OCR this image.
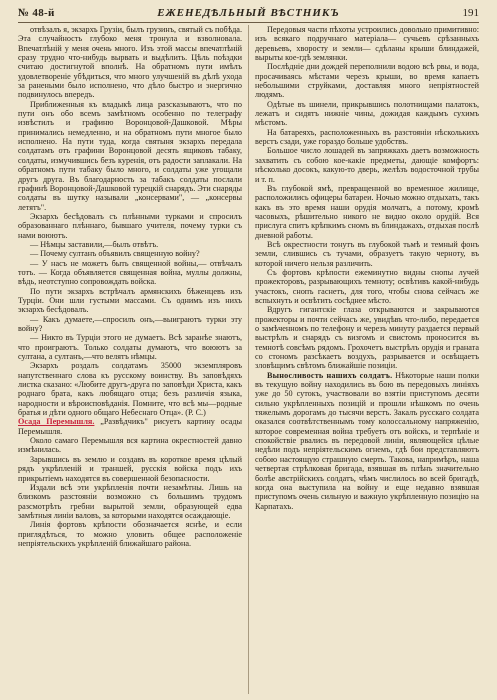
№ 48-й	ЕЖЕНЕДѢЛЬНЫЙ ВѢСТНИКЪ	191

отвѣзалъ я, экзархъ Грузіи, былъ грузинъ, святый съ побѣда. Эта случайность глубоко меня тронула и взволновала. Впечатлѣній у меня очень много. Изъ этой массы впечатлѣній сразу трудно что-нибудь вырвать и выдѣлить. Цѣль поѣздки считаю достигнутой вполнѣ. На обратномъ пути имѣлъ удовлетвореніе убѣдиться, что много улучшеній въ дѣлѣ ухода за ранеными было исполнено, что дѣло быстро и энергично подвинулось впередъ.

Приближенныя къ владыкѣ лица разсказываютъ, что по пути онъ обо всемъ замѣтномъ особенно по телеграфу извѣстилъ и графиню Воронцовой-Дашковой. Мѣры принимались немедленно, и на обратномъ пути многое было исполнено. На пути туда, когда святыня экзархъ передала солдатамъ отъ графини Воронцовой десять ящиковъ табаку, солдаты, измучившись безъ куренія, отъ радости заплакали. На обратномъ пути табаку было много, и солдаты уже угощали другъ друга. Въ благодарность за табакъ солдаты послали графинѣ Воронцовой-Дашковой турецкій снарядъ. Эти снаряды солдаты въ шутку называли „консервами", — „консервы летятъ".

Экзархъ бесѣдовалъ съ плѣнными турками и спросилъ образованнаго плѣннаго, бывшаго учителя, почему турки съ нами воюютъ.

— Нѣмцы заставили,—былъ отвѣтъ.

— Почему султанъ объявилъ священную войну?

— У насъ не можетъ быть священной войны,— отвѣчалъ тотъ. — Когда объявляется священная война, муллы должны, вѣдь, неотступно сопровождать войска.

По пути экзархъ встрѣчалъ армянскихъ бѣженцевъ изъ Турціи. Они шли густыми массами. Съ однимъ изъ нихъ экзархъ бесѣдовалъ.

— Какъ думаете,—спросилъ онъ,—выиграютъ турки эту войну?

— Никто въ Турціи этого не думаетъ. Всѣ заранѣе знаютъ, что проиграютъ. Только солдаты думаютъ, что воюютъ за султана, а султанъ,—что велятъ нѣмцы.

Экзархъ роздалъ солдатамъ 35000 экземпляровъ напутственнаго слова къ русскому воинству. Въ заповѣдяхъ листка сказано: «Любите другъ-друга по заповѣди Христа, какъ роднаго брата, какъ любящаго отца; безъ различія языка, народности и вѣроисповѣданія. Помните, что всѣ мы—родные братья и дѣти одного общаго Небеснаго Отца». (Р. С.)

Осада Перемышля. „Развѣдчикъ" рисуетъ картину осады Перемышля.

Около самаго Перемышля вся картина окрестностей давно измѣнилась.

Зарывшись въ землю и создавъ въ короткое время цѣлый рядъ укрѣпленій и траншей, русскія войска подъ ихъ прикрытіемъ находятся въ совершенной безопасности.

Издали всѣ эти укрѣпленія почти незамѣтны. Лишь на близкомъ разстояніи возможно съ большимъ трудомъ разсмотрѣть гребни вырытой земли, образующей едва замѣтныя линіи валовъ, за которыми находятся осаждающіе.

Линія фортовъ крѣпости обозначается яснѣе, и если приглядѣться, то можно уловить общее расположеніе непріятельскихъ укрѣпленій ближайшаго района.

Передовыя части пѣхоты устроились довольно примитивно: изъ всякаго подручнаго матеріала— сучьевъ срѣзанныхъ деревьевъ, хворосту и земли— сдѣланы крыши блиндажей, вырыты кое-гдѣ землянки.

Послѣдніе дни дождей переполнили водою всѣ рвы, и вода, просачиваясь мѣстами черезъ крыши, во время капаетъ небольшими струйками, доставляя много непріятностей людямъ.

Одѣтые въ шинели, прикрывшись полотнищами палатокъ, лежатъ и сидятъ нижніе чины, дожидая каждымъ сухимъ мѣстомъ.

На батареяхъ, расположенныхъ въ разстояніи нѣсколькихъ верстъ сзади, уже гораздо больше удобствъ.

Большое число лошадей въ запряжкахъ даетъ возможность захватить съ собою кое-какіе предметы, дающіе комфортъ: нѣсколько досокъ, какую-то дверь, желѣзъ водосточной трубы и т. п.

Въ глубокой ямѣ, превращенной во временное жилище, расположились офицеры батареи. Ночью можно отдыхать, такъ какъ въ это время наши орудія молчатъ, а потому, кромѣ часовыхъ, рѣшительно никого не видно около орудій. Вся прислуга спитъ крѣпкимъ сномъ въ блиндажахъ, отдыхая послѣ дневной работы.

Всѣ окрестности тонутъ въ глубокой тьмѣ и темный фонъ земли, слившись съ тучами, образуетъ такую черноту, въ которой ничего нельзя различить.

Съ фортовъ крѣпости ежеминутно видны снопы лучей прожекторовъ, разрывающихъ темноту; освѣтивъ какой-нибудь участокъ, снопъ гаснетъ, для того, чтобы снова сейчасъ же вспыхнуть и освѣтить сосѣднее мѣсто.

Вдругъ гигантскіе глаза открываются и закрываются прожекторы и почти сейчасъ же, увидѣвъ что-либо, передается о замѣченномъ по телефону и черезъ минуту раздается первый выстрѣлъ и снарядъ съ визгомъ и свистомъ проносится въ темнотѣ совсѣмъ рядомъ. Грохочетъ выстрѣлъ орудія и граната со стономъ разсѣкаетъ воздухъ, разрывается и освѣщаетъ зловѣщимъ свѣтомъ ближайшіе позиціи.

Выносливость нашихъ солдатъ. Нѣкоторые наши полки въ текущую войну находились въ бою въ передовыхъ линіяхъ уже до 50 сутокъ, участвовали во взятіи приступомъ десяти сильно укрѣпленныхъ позицій и прошли нѣшкомъ по очень тяжелымъ дорогамъ до тысячи верстъ. Закалъ русскаго солдата оказался соотвѣтственнымъ тому колоссальному напряженію, которое современная война требуетъ отъ войскъ, и терпѣніе и спокойствіе рвались въ передовой линіи, являющейся цѣлые недѣли подъ непріятельскимъ огнемъ, гдѣ бои представляютъ собою настоящую страшную смерть. Такова, напримѣръ, наша четвертая стрѣлковая бригада, взявшая въ плѣнъ значительно болѣе австрійскихъ солдатъ, чѣмъ числилось во всей бригадѣ, когда она выступила на войну и еще недавно взявшая приступомъ очень сильную и важную укрѣпленную позицію на Карпатахъ.
